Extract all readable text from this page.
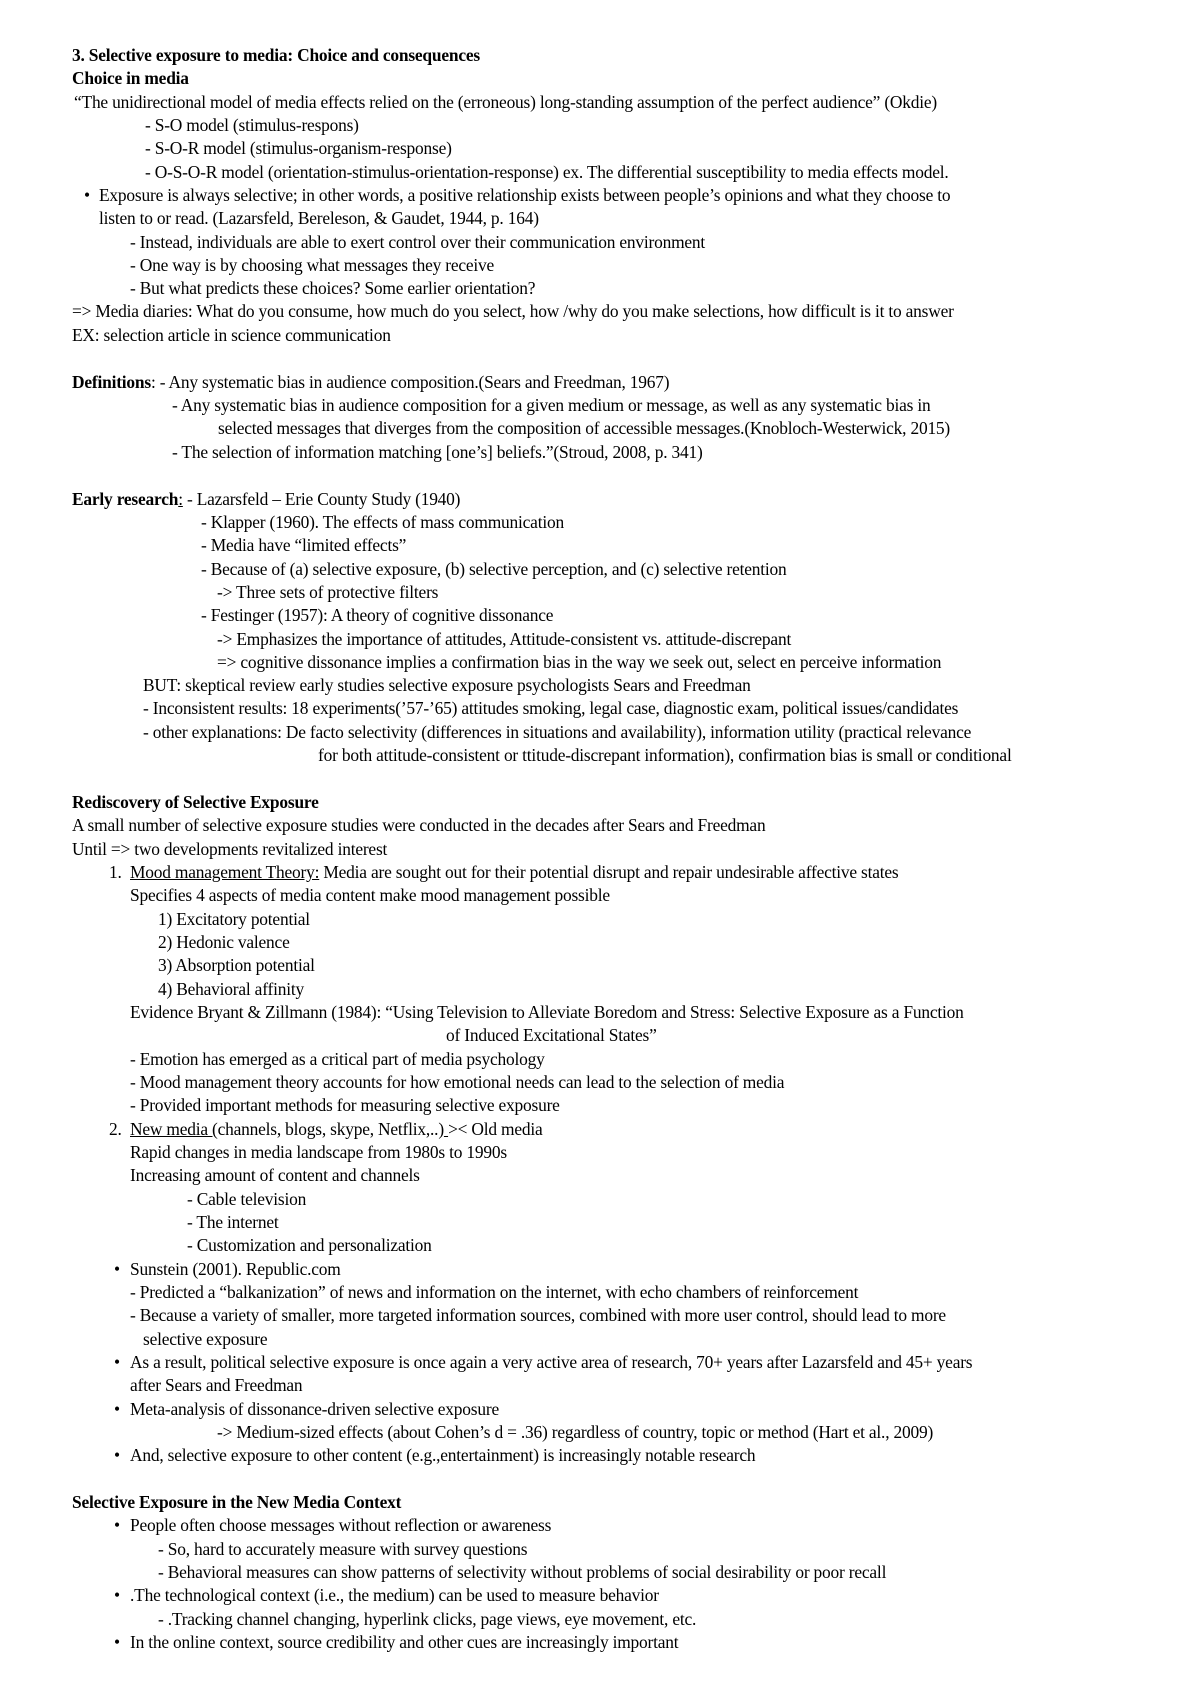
3. Selective exposure to media: Choice and consequences
Choice in media
“The unidirectional model of media effects relied on the (erroneous) long-standing assumption of the perfect audience” (Okdie)
- S-O model (stimulus-respons)
- S-O-R model (stimulus-organism-response)
- O-S-O-R model (orientation-stimulus-orientation-response) ex. The differential susceptibility to media effects model.
• Exposure is always selective; in other words, a positive relationship exists between people’s opinions and what they choose to
listen to or read. (Lazarsfeld, Bereleson, & Gaudet, 1944, p. 164)
- Instead, individuals are able to exert control over their communication environment
- One way is by choosing what messages they receive
- But what predicts these choices? Some earlier orientation?
=> Media diaries: What do you consume, how much do you select, how /why do you make selections, how difficult is it to answer
EX: selection article in science communication
Definitions: - Any systematic bias in audience composition.(Sears and Freedman, 1967)
- Any systematic bias in audience composition for a given medium or message, as well as any systematic bias in
selected messages that diverges from the composition of accessible messages.(Knobloch-Westerwick, 2015)
- The selection of information matching [one’s] beliefs.”(Stroud, 2008, p. 341)
Early research: - Lazarsfeld – Erie County Study (1940)
- Klapper (1960). The effects of mass communication
- Media have “limited effects”
- Because of (a) selective exposure, (b) selective perception, and (c) selective retention
-> Three sets of protective filters
- Festinger (1957): A theory of cognitive dissonance
-> Emphasizes the importance of attitudes, Attitude-consistent vs. attitude-discrepant
=> cognitive dissonance implies a confirmation bias in the way we seek out, select en perceive information
BUT: skeptical review early studies selective exposure psychologists Sears and Freedman
- Inconsistent results: 18 experiments(’57-’65) attitudes smoking, legal case, diagnostic exam, political issues/candidates
- other explanations: De facto selectivity (differences in situations and availability), information utility (practical relevance
for both attitude-consistent or ttitude-discrepant information), confirmation bias is small or conditional
Rediscovery of Selective Exposure
A small number of selective exposure studies were conducted in the decades after Sears and Freedman
Until => two developments revitalized interest
1. Mood management Theory: Media are sought out for their potential disrupt and repair undesirable affective states
Specifies 4 aspects of media content make mood management possible
1) Excitatory potential
2) Hedonic valence
3) Absorption potential
4) Behavioral affinity
Evidence Bryant & Zillmann (1984): “Using Television to Alleviate Boredom and Stress: Selective Exposure as a Function
of Induced Excitational States”
- Emotion has emerged as a critical part of media psychology
- Mood management theory accounts for how emotional needs can lead to the selection of media
- Provided important methods for measuring selective exposure
2. New media (channels, blogs, skype, Netflix,..) >< Old media
Rapid changes in media landscape from 1980s to 1990s
Increasing amount of content and channels
- Cable television
- The internet
- Customization and personalization
• Sunstein (2001). Republic.com
- Predicted a “balkanization” of news and information on the internet, with echo chambers of reinforcement
- Because a variety of smaller, more targeted information sources, combined with more user control, should lead to more
selective exposure
• As a result, political selective exposure is once again a very active area of research, 70+ years after Lazarsfeld and 45+ years
after Sears and Freedman
• Meta-analysis of dissonance-driven selective exposure
-> Medium-sized effects (about Cohen’s d = .36) regardless of country, topic or method (Hart et al., 2009)
• And, selective exposure to other content (e.g.,entertainment) is increasingly notable research
Selective Exposure in the New Media Context
• People often choose messages without reflection or awareness
- So, hard to accurately measure with survey questions
- Behavioral measures can show patterns of selectivity without problems of social desirability or poor recall
• .The technological context (i.e., the medium) can be used to measure behavior
- .Tracking channel changing, hyperlink clicks, page views, eye movement, etc.
• In the online context, source credibility and other cues are increasingly important
